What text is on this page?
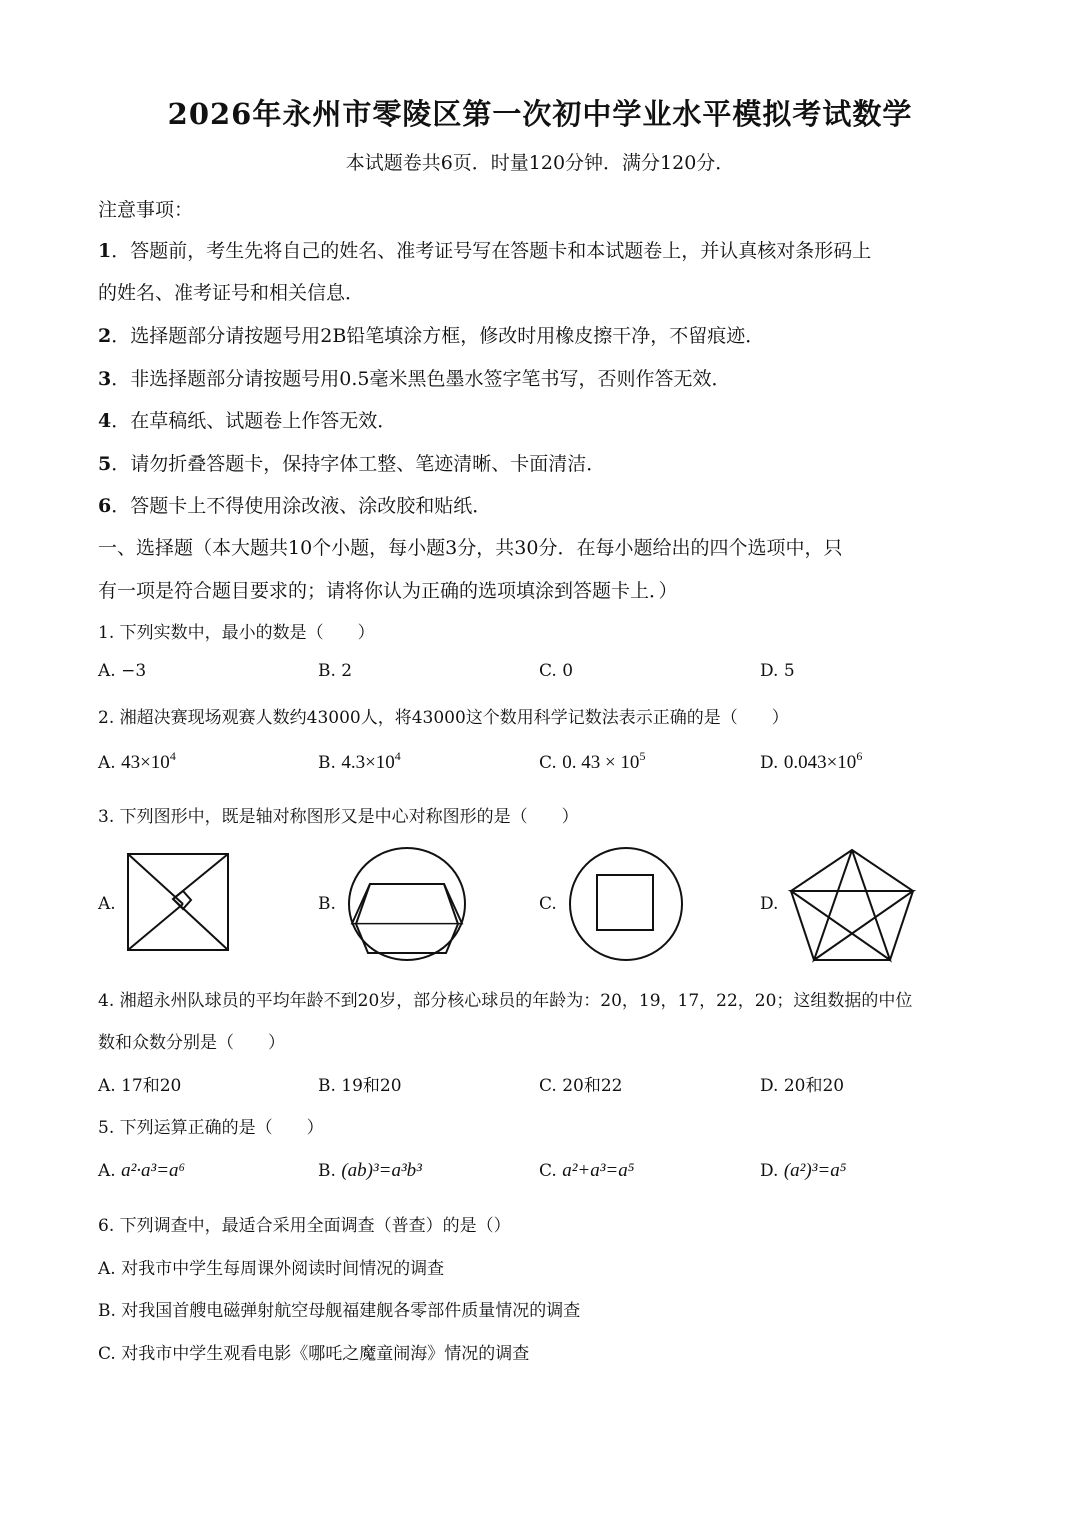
2026年永州市零陵区第一次初中学业水平模拟考试数学
本试题卷共6页．时量120分钟．满分120分．
注意事项：
1．答题前，考生先将自己的姓名、准考证号写在答题卡和本试题卷上，并认真核对条形码上
的姓名、准考证号和相关信息．
2．选择题部分请按题号用2B铅笔填涂方框，修改时用橡皮擦干净，不留痕迹．
3．非选择题部分请按题号用0.5毫米黑色墨水签字笔书写，否则作答无效．
4．在草稿纸、试题卷上作答无效．
5．请勿折叠答题卡，保持字体工整、笔迹清晰、卡面清洁．
6．答题卡上不得使用涂改液、涂改胶和贴纸．
一、选择题（本大题共10个小题，每小题3分，共30分．在每小题给出的四个选项中，只
有一项是符合题目要求的；请将你认为正确的选项填涂到答题卡上．）
1. 下列实数中，最小的数是（　　）
A. −3	B. 2	C. 0	D. 5
2. 湘超决赛现场观赛人数约43000人，将43000这个数用科学记数法表示正确的是（　　）
A. $43\times 10^4$	B. $4.3\times 10^4$	C. 0. $43 \times 10^5$	D. $0.043\times 10^6$
3. 下列图形中，既是轴对称图形又是中心对称图形的是（　　）
A.	B.	C.	D.
4. 湘超永州队球员的平均年龄不到20岁，部分核心球员的年龄为：20，19，17，22，20；这组数据的中位
数和众数分别是（　　）
A. 17和20	B. 19和20	C. 20和22	D. 20和20
5. 下列运算正确的是（　　）
A. a²·a³=a⁶	B. (ab)³=a³b³	C. a²+a³=a⁵	D. (a²)³=a⁵
6. 下列调查中，最适合采用全面调查（普查）的是（）
A. 对我市中学生每周课外阅读时间情况的调查
B. 对我国首艘电磁弹射航空母舰福建舰各零部件质量情况的调查
C. 对我市中学生观看电影《哪吒之魔童闹海》情况的调查
